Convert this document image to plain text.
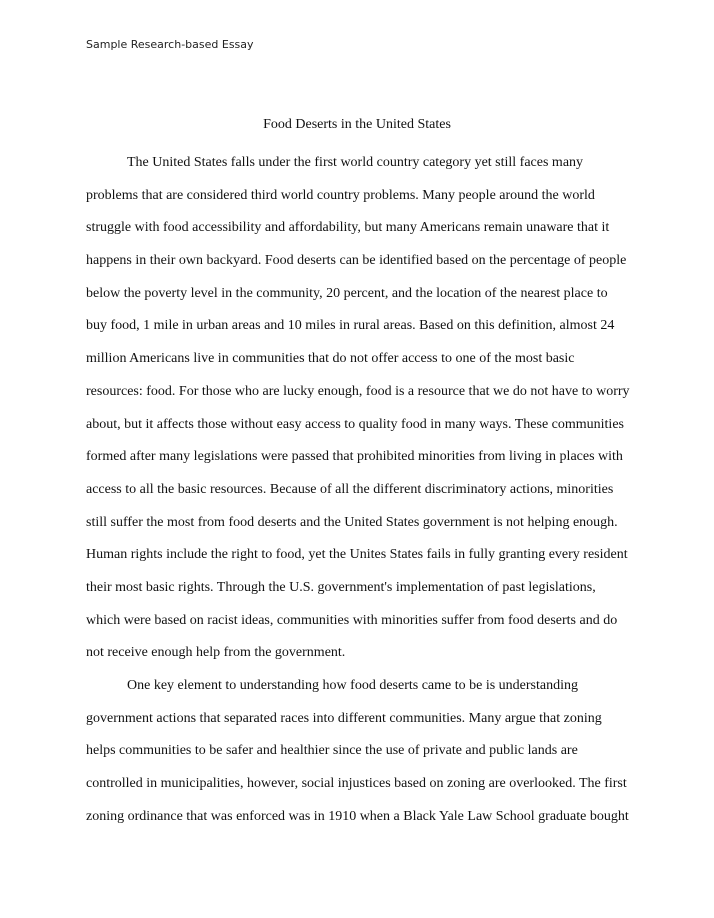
Sample Research-based Essay
Food Deserts in the United States
The United States falls under the first world country category yet still faces many
problems that are considered third world country problems. Many people around the world
struggle with food accessibility and affordability, but many Americans remain unaware that it
happens in their own backyard. Food deserts can be identified based on the percentage of people
below the poverty level in the community, 20 percent, and the location of the nearest place to
buy food, 1 mile in urban areas and 10 miles in rural areas. Based on this definition, almost 24
million Americans live in communities that do not offer access to one of the most basic
resources: food. For those who are lucky enough, food is a resource that we do not have to worry
about, but it affects those without easy access to quality food in many ways. These communities
formed after many legislations were passed that prohibited minorities from living in places with
access to all the basic resources. Because of all the different discriminatory actions, minorities
still suffer the most from food deserts and the United States government is not helping enough.
Human rights include the right to food, yet the Unites States fails in fully granting every resident
their most basic rights. Through the U.S. government's implementation of past legislations,
which were based on racist ideas, communities with minorities suffer from food deserts and do
not receive enough help from the government.
One key element to understanding how food deserts came to be is understanding
government actions that separated races into different communities. Many argue that zoning
helps communities to be safer and healthier since the use of private and public lands are
controlled in municipalities, however, social injustices based on zoning are overlooked. The first
zoning ordinance that was enforced was in 1910 when a Black Yale Law School graduate bought
